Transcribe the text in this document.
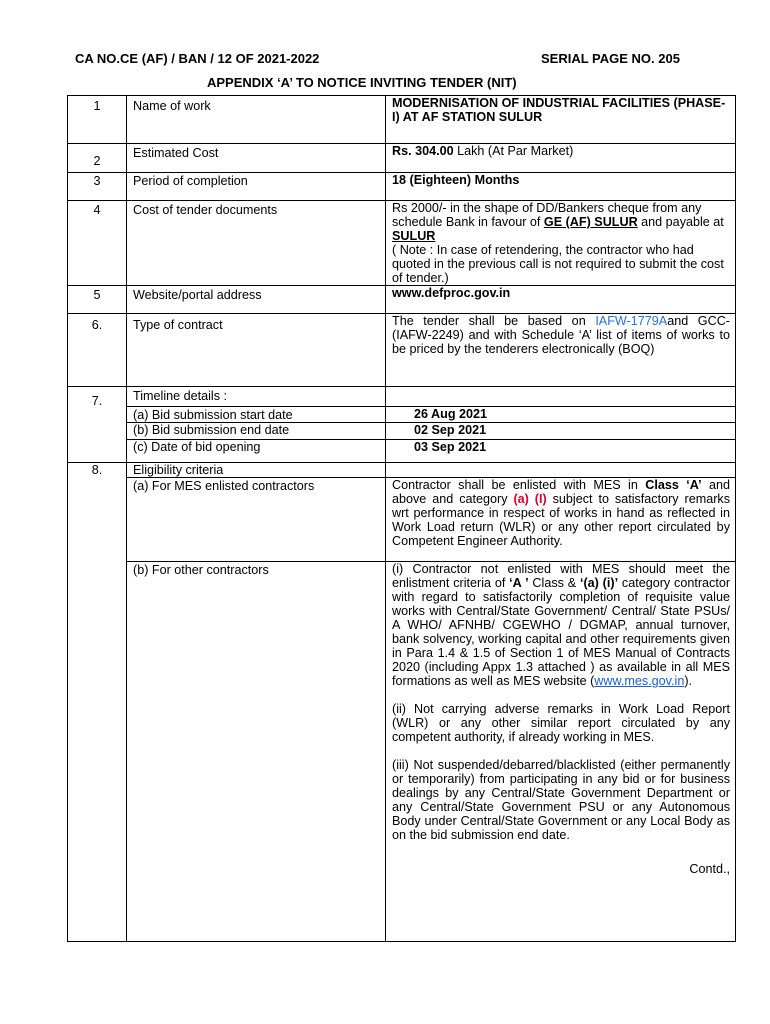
CA NO.CE (AF) / BAN / 12 OF 2021-2022	SERIAL PAGE NO. 205
APPENDIX ‘A’ TO NOTICE INVITING TENDER (NIT)
1	Name of work	MODERNISATION OF INDUSTRIAL FACILITIES (PHASE-I) AT AF STATION SULUR
2	Estimated Cost	Rs. 304.00 Lakh (At Par Market)
3	Period of completion	18 (Eighteen) Months
4	Cost of tender documents	Rs 2000/- in the shape of DD/Bankers cheque from any schedule Bank in favour of GE (AF) SULUR and payable at SULUR
( Note : In case of retendering, the contractor who had quoted in the previous call is not required to submit the cost of tender.)

5	Website/portal address	www.defproc.gov.in
6.	Type of contract	The tender shall be based on IAFW-1779Aand GCC- (IAFW-2249) and with Schedule ‘A’ list of items of works to be priced by the tenderers electronically (BOQ)
7.	Timeline details :	
	(a) Bid submission start date	26 Aug 2021
	(b) Bid submission end date	02 Sep 2021
	(c) Date of bid opening	03 Sep 2021
8.	Eligibility criteria	
	(a) For MES enlisted contractors	Contractor shall be enlisted with MES in Class ‘A’ and above and category (a) (I) subject to satisfactory remarks wrt performance in respect of works in hand as reflected in Work Load return (WLR) or any other report circulated by Competent Engineer Authority.
	(b) For other contractors	(i) Contractor not enlisted with MES should meet the enlistment criteria of ‘A ’ Class & ‘(a) (i)’ category contractor with regard to satisfactorily completion of requisite value works with Central/State Government/ Central/ State PSUs/ A WHO/ AFNHB/ CGEWHO / DGMAP, annual turnover, bank solvency, working capital and other requirements given in Para 1.4 & 1.5 of Section 1 of MES Manual of Contracts 2020 (including Appx 1.3 attached ) as available in all MES formations as well as MES website (www.mes.gov.in).
(ii) Not carrying adverse remarks in Work Load Report (WLR) or any other similar report circulated by any competent authority, if already working in MES.
(iii) Not suspended/debarred/blacklisted (either permanently or temporarily) from participating in any bid or for business dealings by any Central/State Government Department or any Central/State Government PSU or any Autonomous Body under Central/State Government or any Local Body as on the bid submission end date.
Contd.,
